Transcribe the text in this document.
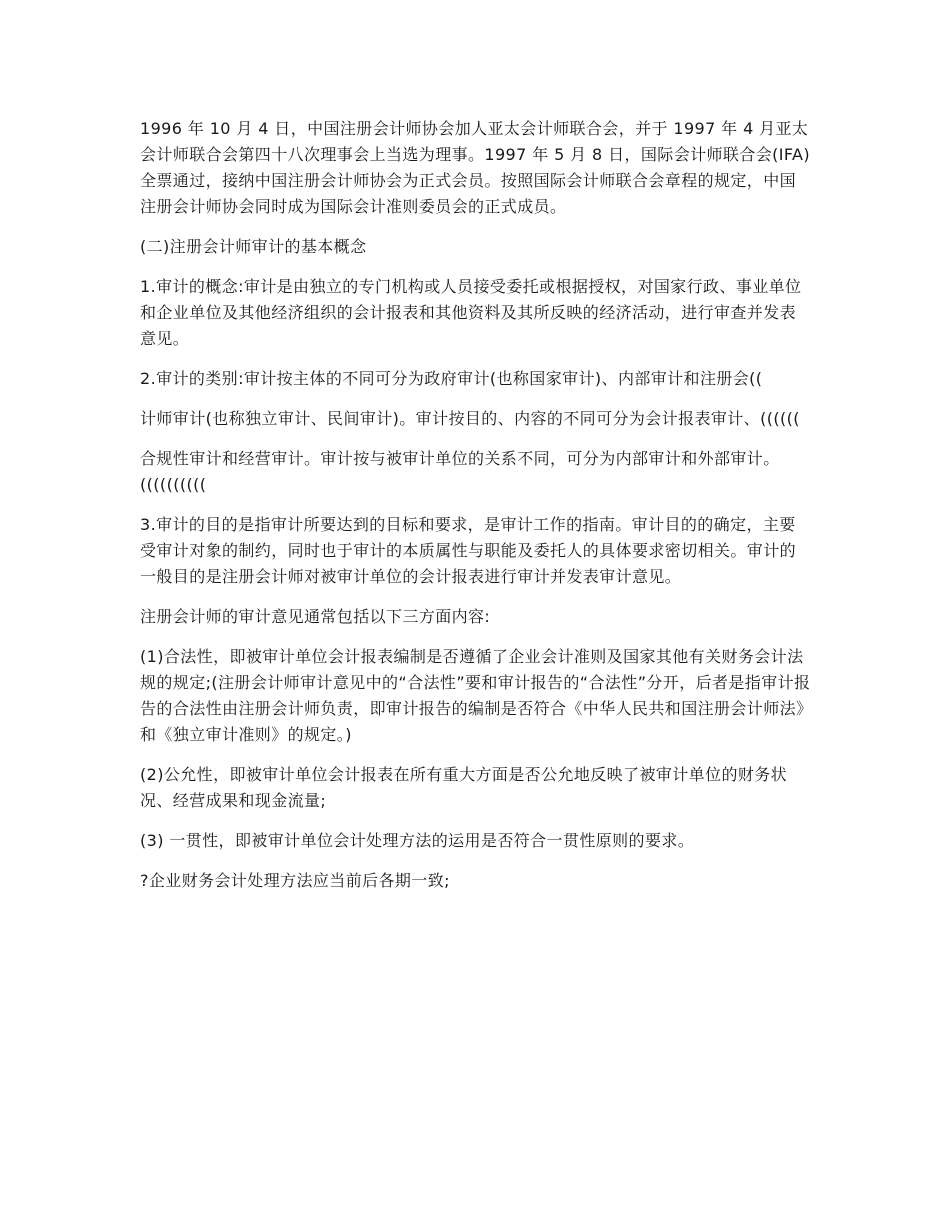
1996 年 10 月 4 日，中国注册会计师协会加人亚太会计师联合会，并于 1997 年 4 月亚太会计师联合会第四十八次理事会上当选为理事。1997 年 5 月 8 日，国际会计师联合会(IFA)全票通过，接纳中国注册会计师协会为正式会员。按照国际会计师联合会章程的规定，中国注册会计师协会同时成为国际会计准则委员会的正式成员。

(二)注册会计师审计的基本概念

1.审计的概念:审计是由独立的专门机构或人员接受委托或根据授权，对国家行政、事业单位和企业单位及其他经济组织的会计报表和其他资料及其所反映的经济活动，进行审查并发表意见。

2.审计的类别:审计按主体的不同可分为政府审计(也称国家审计)、内部审计和注册会((

计师审计(也称独立审计、民间审计)。审计按目的、内容的不同可分为会计报表审计、((((((

合规性审计和经营审计。审计按与被审计单位的关系不同，可分为内部审计和外部审计。 ((((((((((

3.审计的目的是指审计所要达到的目标和要求，是审计工作的指南。审计目的的确定，主要受审计对象的制约，同时也于审计的本质属性与职能及委托人的具体要求密切相关。审计的一般目的是注册会计师对被审计单位的会计报表进行审计并发表审计意见。

注册会计师的审计意见通常包括以下三方面内容:

(1)合法性，即被审计单位会计报表编制是否遵循了企业会计准则及国家其他有关财务会计法规的规定;(注册会计师审计意见中的“合法性”要和审计报告的“合法性”分开，后者是指审计报告的合法性由注册会计师负责，即审计报告的编制是否符合《中华人民共和国注册会计师法》和《独立审计准则》的规定。)

(2)公允性，即被审计单位会计报表在所有重大方面是否公允地反映了被审计单位的财务状况、经营成果和现金流量;

(3) 一贯性，即被审计单位会计处理方法的运用是否符合一贯性原则的要求。

?企业财务会计处理方法应当前后各期一致;
